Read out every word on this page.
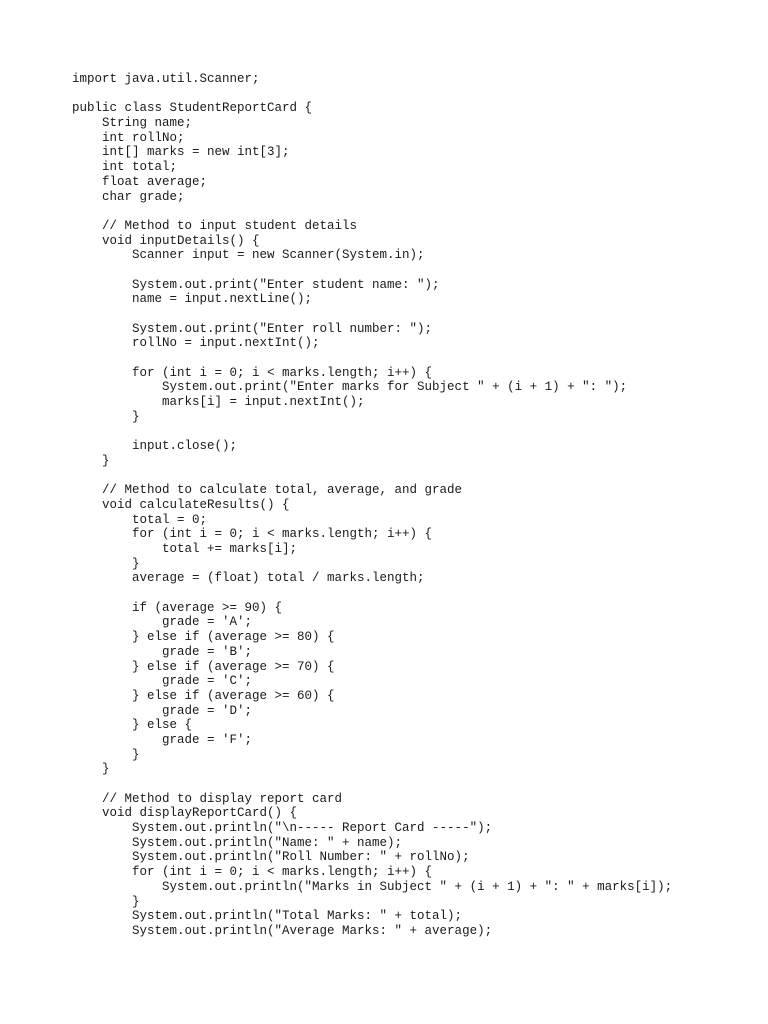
import java.util.Scanner;
public class StudentReportCard {
String name;
int rollNo;
int[] marks = new int[3];
int total;
float average;
char grade;
// Method to input student details
void inputDetails() {
Scanner input = new Scanner(System.in);
System.out.print("Enter student name: ");
name = input.nextLine();
System.out.print("Enter roll number: ");
rollNo = input.nextInt();
for (int i = 0; i < marks.length; i++) {
System.out.print("Enter marks for Subject " + (i + 1) + ": ");
marks[i] = input.nextInt();
}
input.close();
}
// Method to calculate total, average, and grade
void calculateResults() {
total = 0;
for (int i = 0; i < marks.length; i++) {
total += marks[i];
}
average = (float) total / marks.length;
if (average >= 90) {
grade = 'A';
} else if (average >= 80) {
grade = 'B';
} else if (average >= 70) {
grade = 'C';
} else if (average >= 60) {
grade = 'D';
} else {
grade = 'F';
}
}
// Method to display report card
void displayReportCard() {
System.out.println("\n----- Report Card -----");
System.out.println("Name: " + name);
System.out.println("Roll Number: " + rollNo);
for (int i = 0; i < marks.length; i++) {
System.out.println("Marks in Subject " + (i + 1) + ": " + marks[i]);
}
System.out.println("Total Marks: " + total);
System.out.println("Average Marks: " + average);
